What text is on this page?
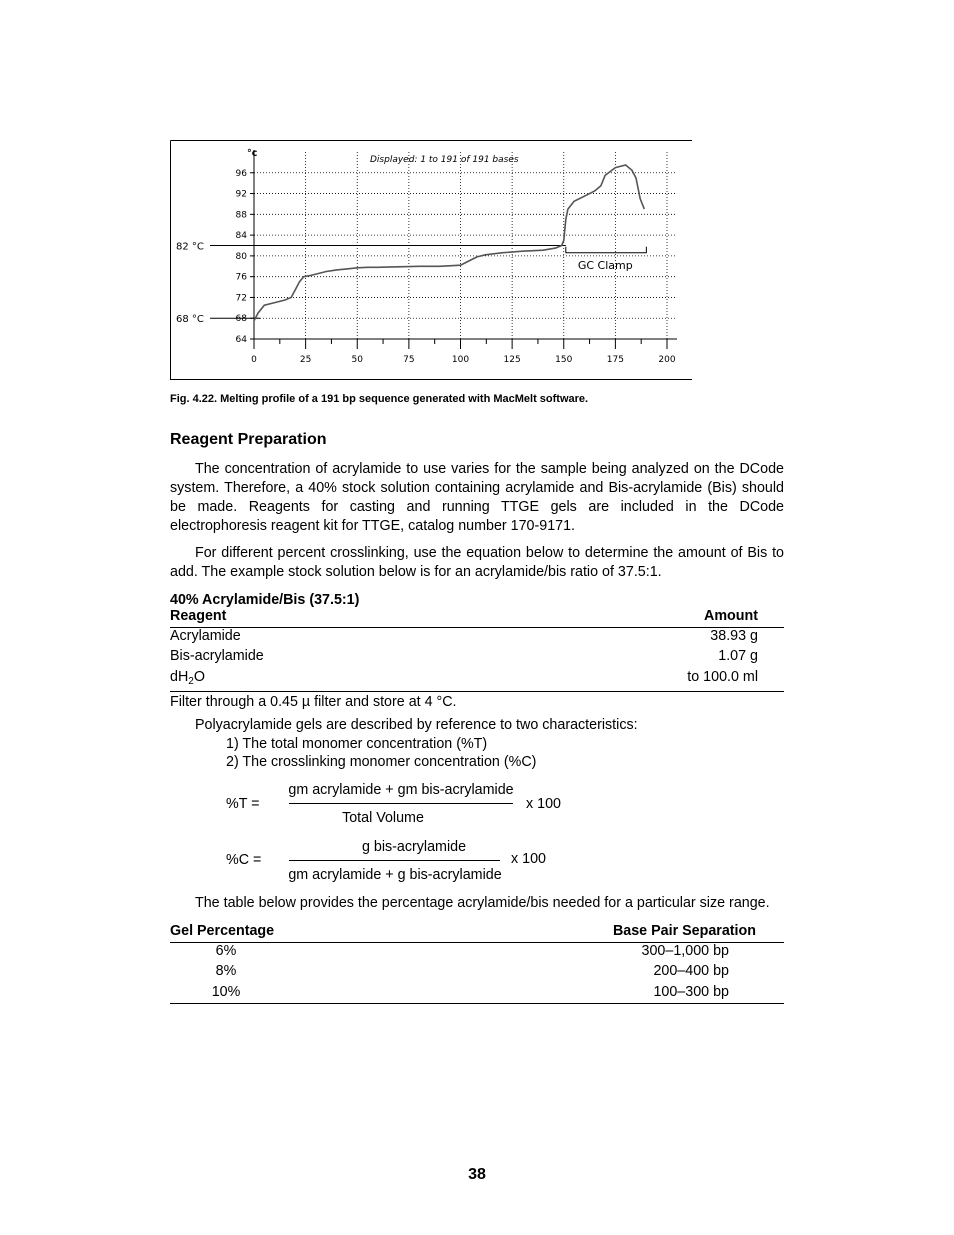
64
68
72
76
80
84
88
92
96
0	25	50	75	100	125	150	175	200
82 °C
68 °C
GC Clamp
°c
Displayed: 1 to 191 of 191 bases
Fig. 4.22. Melting profile of a 191 bp sequence generated with MacMelt software.
Reagent Preparation
The concentration of acrylamide to use varies for the sample being analyzed on the DCode system. Therefore, a 40% stock solution containing acrylamide and Bis-acrylamide (Bis) should be made. Reagents for casting and running TTGE gels are included in the DCode electrophoresis reagent kit for TTGE, catalog number 170-9171.
For different percent crosslinking, use the equation below to determine the amount of Bis to add. The example stock solution below is for an acrylamide/bis ratio of 37.5:1.
40% Acrylamide/Bis (37.5:1)
Reagent	Amount
Acrylamide	38.93 g
Bis-acrylamide	1.07 g
$dH_2O$	to 100.0 ml
Filter through a 0.45 µ filter and store at 4 °C.
Polyacrylamide gels are described by reference to two characteristics:
1) The total monomer concentration (%T)
2) The crosslinking monomer concentration (%C)
%T =
gm acrylamide + gm bis-acrylamide
Total Volume
x 100
%C =
g bis-acrylamide
gm acrylamide + g bis-acrylamide
x 100
The table below provides the percentage acrylamide/bis needed for a particular size range.
Gel Percentage	Base Pair Separation
6%	300–1,000 bp
8%	200–400 bp
10%	100–300 bp
38
